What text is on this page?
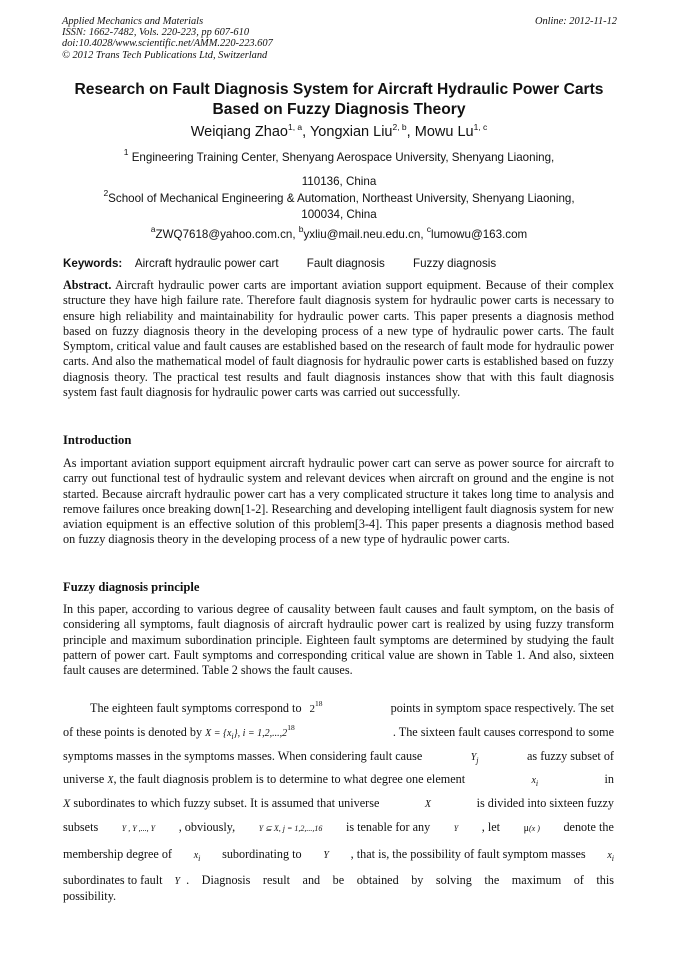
Applied Mechanics and Materials
ISSN: 1662-7482, Vols. 220-223, pp 607-610
doi:10.4028/www.scientific.net/AMM.220-223.607
© 2012 Trans Tech Publications Ltd, Switzerland
Online: 2012-11-12
Research on Fault Diagnosis System for Aircraft Hydraulic Power Carts
Based on Fuzzy Diagnosis Theory
Weiqiang Zhao$^{1, a}$, Yongxian Liu$^{2, b}$, Mowu Lu$^{1, c}$
$^1$ Engineering Training Center, Shenyang Aerospace University, Shenyang Liaoning,
110136, China
$^2$School of Mechanical Engineering & Automation, Northeast University, Shenyang Liaoning,
100034, China
$^a$ZWQ7618@yahoo.com.cn, $^b$yxliu@mail.neu.edu.cn, $^c$lumowu@163.com
Keywords: Aircraft hydraulic power cart Fault diagnosis Fuzzy diagnosis
Abstract. Aircraft hydraulic power carts are important aviation support equipment. Because of their complex structure they have high failure rate. Therefore fault diagnosis system for hydraulic power carts is necessary to ensure high reliability and maintainability for hydraulic power carts. This paper presents a diagnosis method based on fuzzy diagnosis theory in the developing process of a new type of hydraulic power carts. The fault Symptom, critical value and fault causes are established based on the research of fault mode for hydraulic power carts. And also the mathematical model of fault diagnosis for hydraulic power carts is established based on fuzzy diagnosis theory. The practical test results and fault diagnosis instances show that with this fault diagnosis system fast fault diagnosis for hydraulic power carts was carried out successfully.
Introduction
As important aviation support equipment aircraft hydraulic power cart can serve as power source for aircraft to carry out functional test of hydraulic system and relevant devices when aircraft on ground and the engine is not started. Because aircraft hydraulic power cart has a very complicated structure it takes long time to analysis and remove failures once breaking down[1-2]. Researching and developing intelligent fault diagnosis system for new aviation equipment is an effective solution of this problem[3-4]. This paper presents a diagnosis method based on fuzzy diagnosis theory in the developing process of a new type of hydraulic power carts.
Fuzzy diagnosis principle
In this paper, according to various degree of causality between fault causes and fault symptom, on the basis of considering all symptoms, fault diagnosis of aircraft hydraulic power cart is realized by using fuzzy transform principle and maximum subordination principle. Eighteen fault symptoms are determined by studying the fault pattern of power cart. Fault symptoms and corresponding critical value are shown in Table 1. And also, sixteen fault causes are determined. Table 2 shows the fault causes.
The eighteen fault symptoms correspond to $2^{18}$	points in symptom space respectively. The set
of these points is denoted by $X = \{x_i\}$, $i = 1,2,...,2^{18}$	. The sixteen fault causes correspond to some
symptoms masses in the symptoms masses. When considering fault cause	$Y_j$	as fuzzy subset of
universe X, the fault diagnosis problem is to determine to what degree one element	$x_i$	in
X subordinates to which fuzzy subset. It is assumed that universe	X	is divided into sixteen fuzzy
subsets	Y , Y ,..., Y , obviously,	Y ⊆ X, j = 1,2,...,16 is tenable for any	Y , let μ(x ) denote the
membership degree of $x_i$ subordinating to Y , that is, the possibility of fault symptom masses $x_i$
subordinates to fault Y . Diagnosis result and be obtained by solving the maximum of this
possibility.
